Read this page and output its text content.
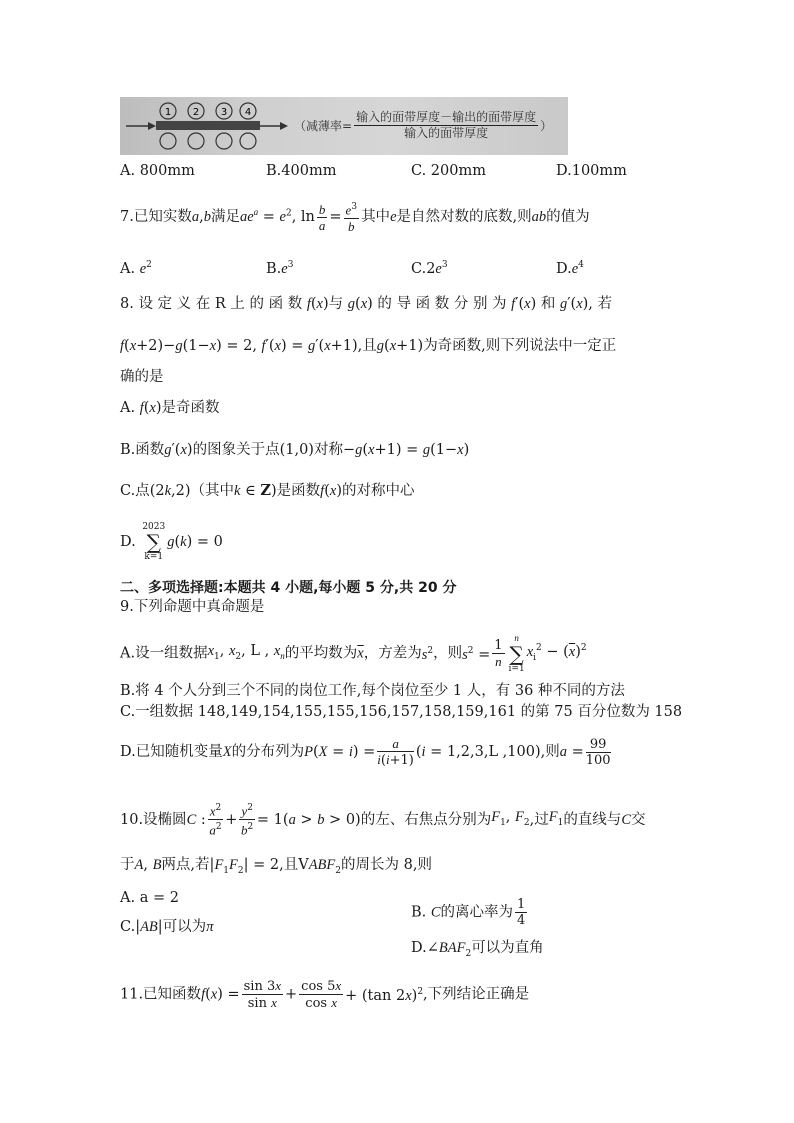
1 2 3 4
（减薄率= $\frac{\text{输入的面带厚度－输出的面带厚度}}{\text{输入的面带厚度}}$ ）
A. 800mm	B.400mm	C. 200mm	D.100mm
7.已知实数a,b满足$ae^a = e^2$, $\ln \frac{b}{a} = \frac{e^3}{b}$ 其中e是自然对数的底数,则ab的值为
A. $e^2$	$B.e^3$	$C.2e^3$	$D.e^4$
8. 设 定 义 在 R 上 的 函 数 f(x)与 g(x) 的 导 函 数 分 别 为 f′(x) 和 g′(x), 若
f(x+2)−g(1−x) = 2, f′(x) = g′(x+1),且g(x+1)为奇函数,则下列说法中一定正
确的是
A. f(x)是奇函数
B.函数g′(x)的图象关于点(1,0)对称−g(x+1) = g(1−x)
C.点(2k,2)（其中k ∈ Z)是函数f(x)的对称中心
D. 2023
∑
k=1g(k) = 0
二、多项选择题:本题共 4 小题,每小题 5 分,共 20 分
9.下列命题中真命题是
A.设一组数据$x_1$, $x_2$, L , $x_n$的平均数为$\overline{x}$，方差为$s^2$，则$s^2 = \frac{1}{n}$ n
∑
$i=1x_i^2 - (\overline{x})^2$
B.将 4 个人分到三个不同的岗位工作,每个岗位至少 1 人，有 36 种不同的方法
C.一组数据 148,149,154,155,155,156,157,158,159,161 的第 75 百分位数为 158
D.已知随机变量X的分布列为$P(X = i) = \frac{a}{i(i+1)} (i = 1,2,3,L$ ,100),则$a = \frac{99}{100}$
10.设椭圆C : $\frac{x^2}{a^2} + \frac{y^2}{b^2} = 1(a > b > 0)$的左、右焦点分别为$F_1$, $F_2$,过$F_1$的直线与C交
于A, B两点,若$|F_1F_2| = 2$,且$VABF_2$的周长为 8,则
A. a = 2
B. C的离心率为 $\frac{1}{4}$
C.|AB|可以为π
$D.\angle BAF_2$可以为直角
11.已知函数$f(x) = \frac{\sin 3x}{\text{sin x}} + \frac{\cos 5x}{\text{cos x}} + (\tan$ 2x)$^2$,下列结论正确是
